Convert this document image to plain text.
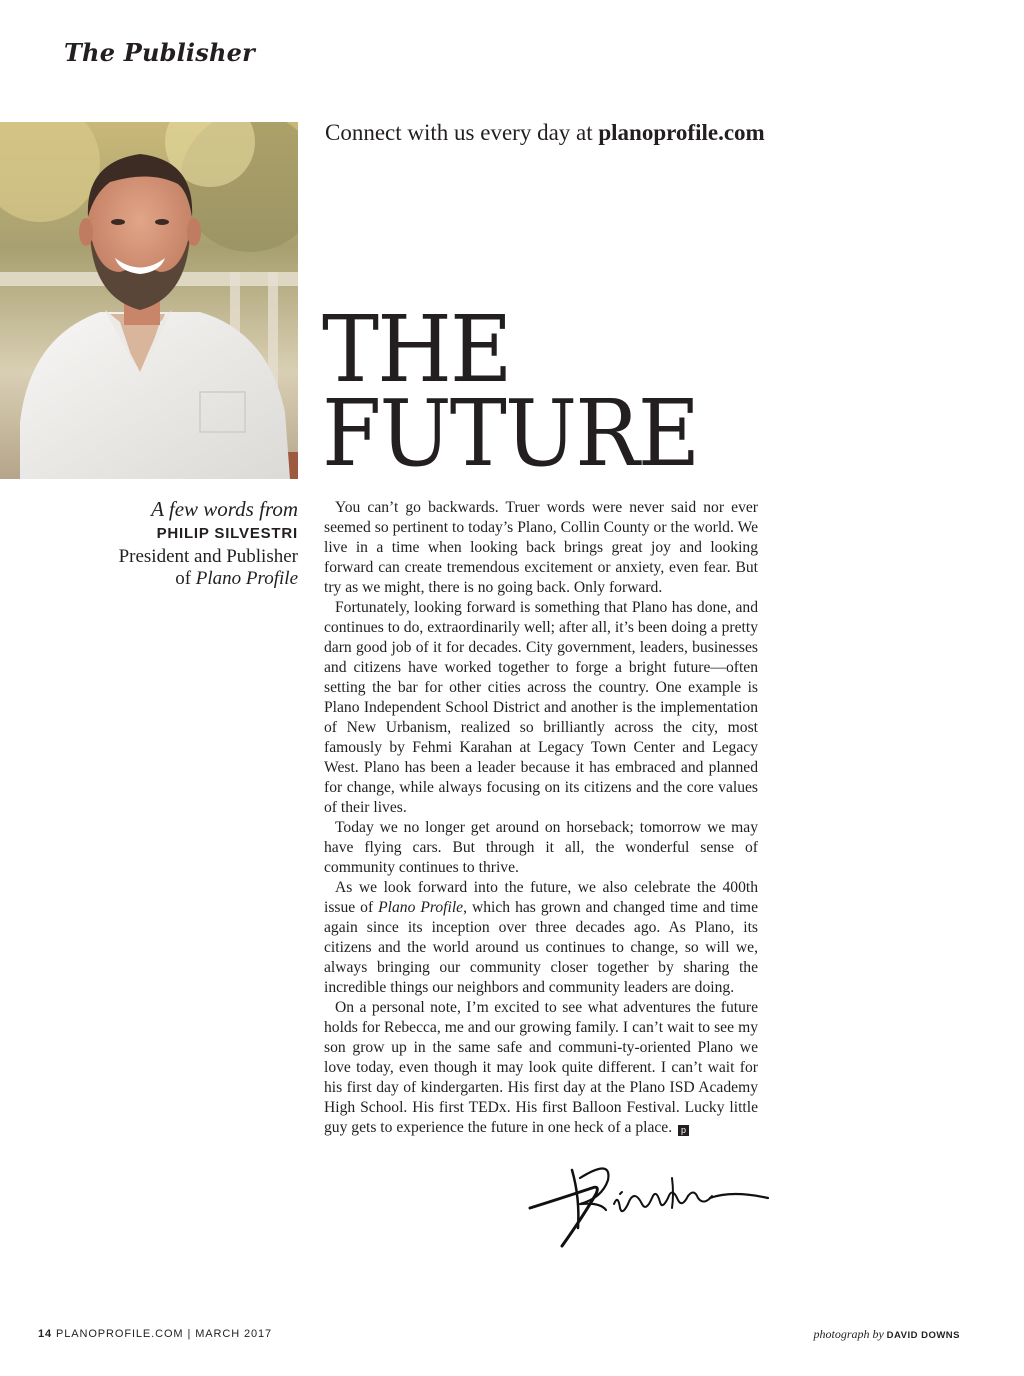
The Publisher
Connect with us every day at planoprofile.com
THE
FUTURE
A few words from
PHILIP SILVESTRI
President and Publisher
of Plano Profile

You can’t go backwards. Truer words were never said nor ever seemed so pertinent to today’s Plano, Collin County or the world. We live in a time when looking back brings great joy and looking forward can create tremendous excitement or anxiety, even fear. But try as we might, there is no going back. Only forward.

Fortunately, looking forward is something that Plano has done, and continues to do, extraordinarily well; after all, it’s been doing a pretty darn good job of it for decades. City government, leaders, businesses and citizens have worked together to forge a bright future—often setting the bar for other cities across the country. One example is Plano Independent School District and another is the implementation of New Urbanism, realized so brilliantly across the city, most famously by Fehmi Karahan at Legacy Town Center and Legacy West. Plano has been a leader because it has embraced and planned for change, while always focusing on its citizens and the core values of their lives.

Today we no longer get around on horseback; tomorrow we may have flying cars. But through it all, the wonderful sense of community continues to thrive.

As we look forward into the future, we also celebrate the 400th issue of Plano Profile, which has grown and changed time and time again since its inception over three decades ago. As Plano, its citizens and the world around us continues to change, so will we, always bringing our community closer together by sharing the incredible things our neighbors and community leaders are doing.

On a personal note, I’m excited to see what adventures the future holds for Rebecca, me and our growing family. I can’t wait to see my son grow up in the same safe and communi-ty-oriented Plano we love today, even though it may look quite different. I can’t wait for his first day of kindergarten. His first day at the Plano ISD Academy High School. His first TEDx. His first Balloon Festival. Lucky little guy gets to experience the future in one heck of a place. p

14 PLANOPROFILE.COM | MARCH 2017	photograph by DAVID DOWNS
